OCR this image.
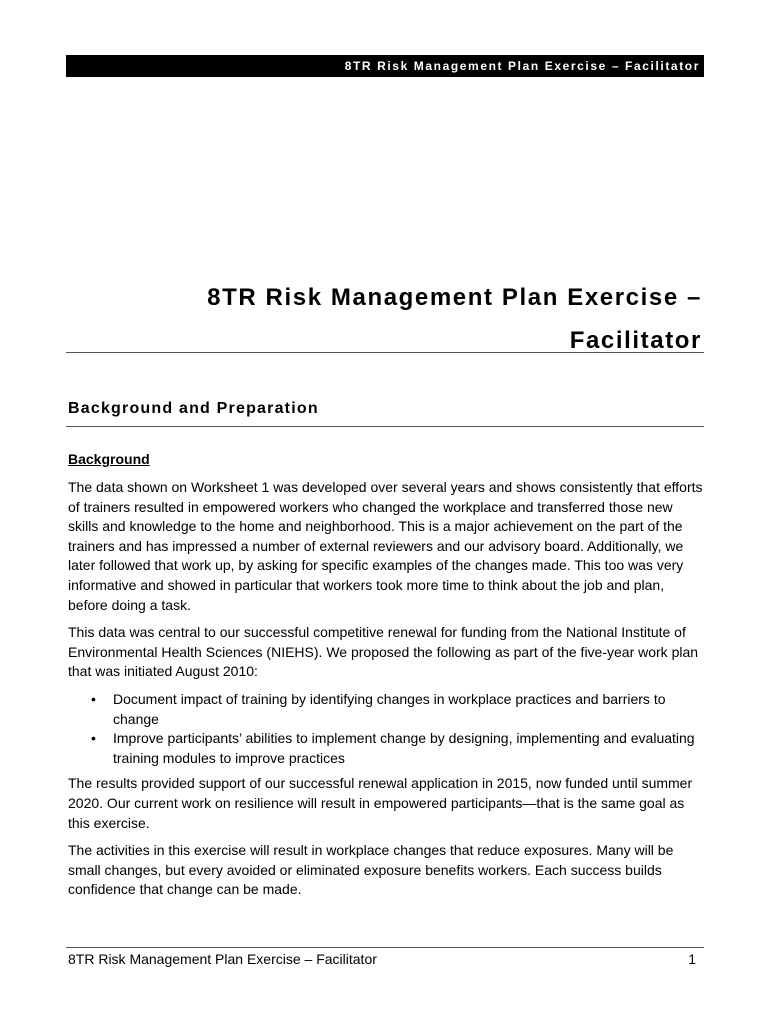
8TR Risk Management Plan Exercise – Facilitator
8TR Risk Management Plan Exercise –
Facilitator
Background and Preparation
Background

The data shown on Worksheet 1 was developed over several years and shows consistently that efforts of trainers resulted in empowered workers who changed the workplace and transferred those new skills and knowledge to the home and neighborhood. This is a major achievement on the part of the trainers and has impressed a number of external reviewers and our advisory board. Additionally, we later followed that work up, by asking for specific examples of the changes made. This too was very informative and showed in particular that workers took more time to think about the job and plan, before doing a task.

This data was central to our successful competitive renewal for funding from the National Institute of Environmental Health Sciences (NIEHS). We proposed the following as part of the five-year work plan that was initiated August 2010:

• Document impact of training by identifying changes in workplace practices and barriers to change
• Improve participants’ abilities to implement change by designing, implementing and evaluating training modules to improve practices

The results provided support of our successful renewal application in 2015, now funded until summer 2020. Our current work on resilience will result in empowered participants—that is the same goal as this exercise.

The activities in this exercise will result in workplace changes that reduce exposures. Many will be small changes, but every avoided or eliminated exposure benefits workers. Each success builds confidence that change can be made.

8TR Risk Management Plan Exercise – Facilitator	1
